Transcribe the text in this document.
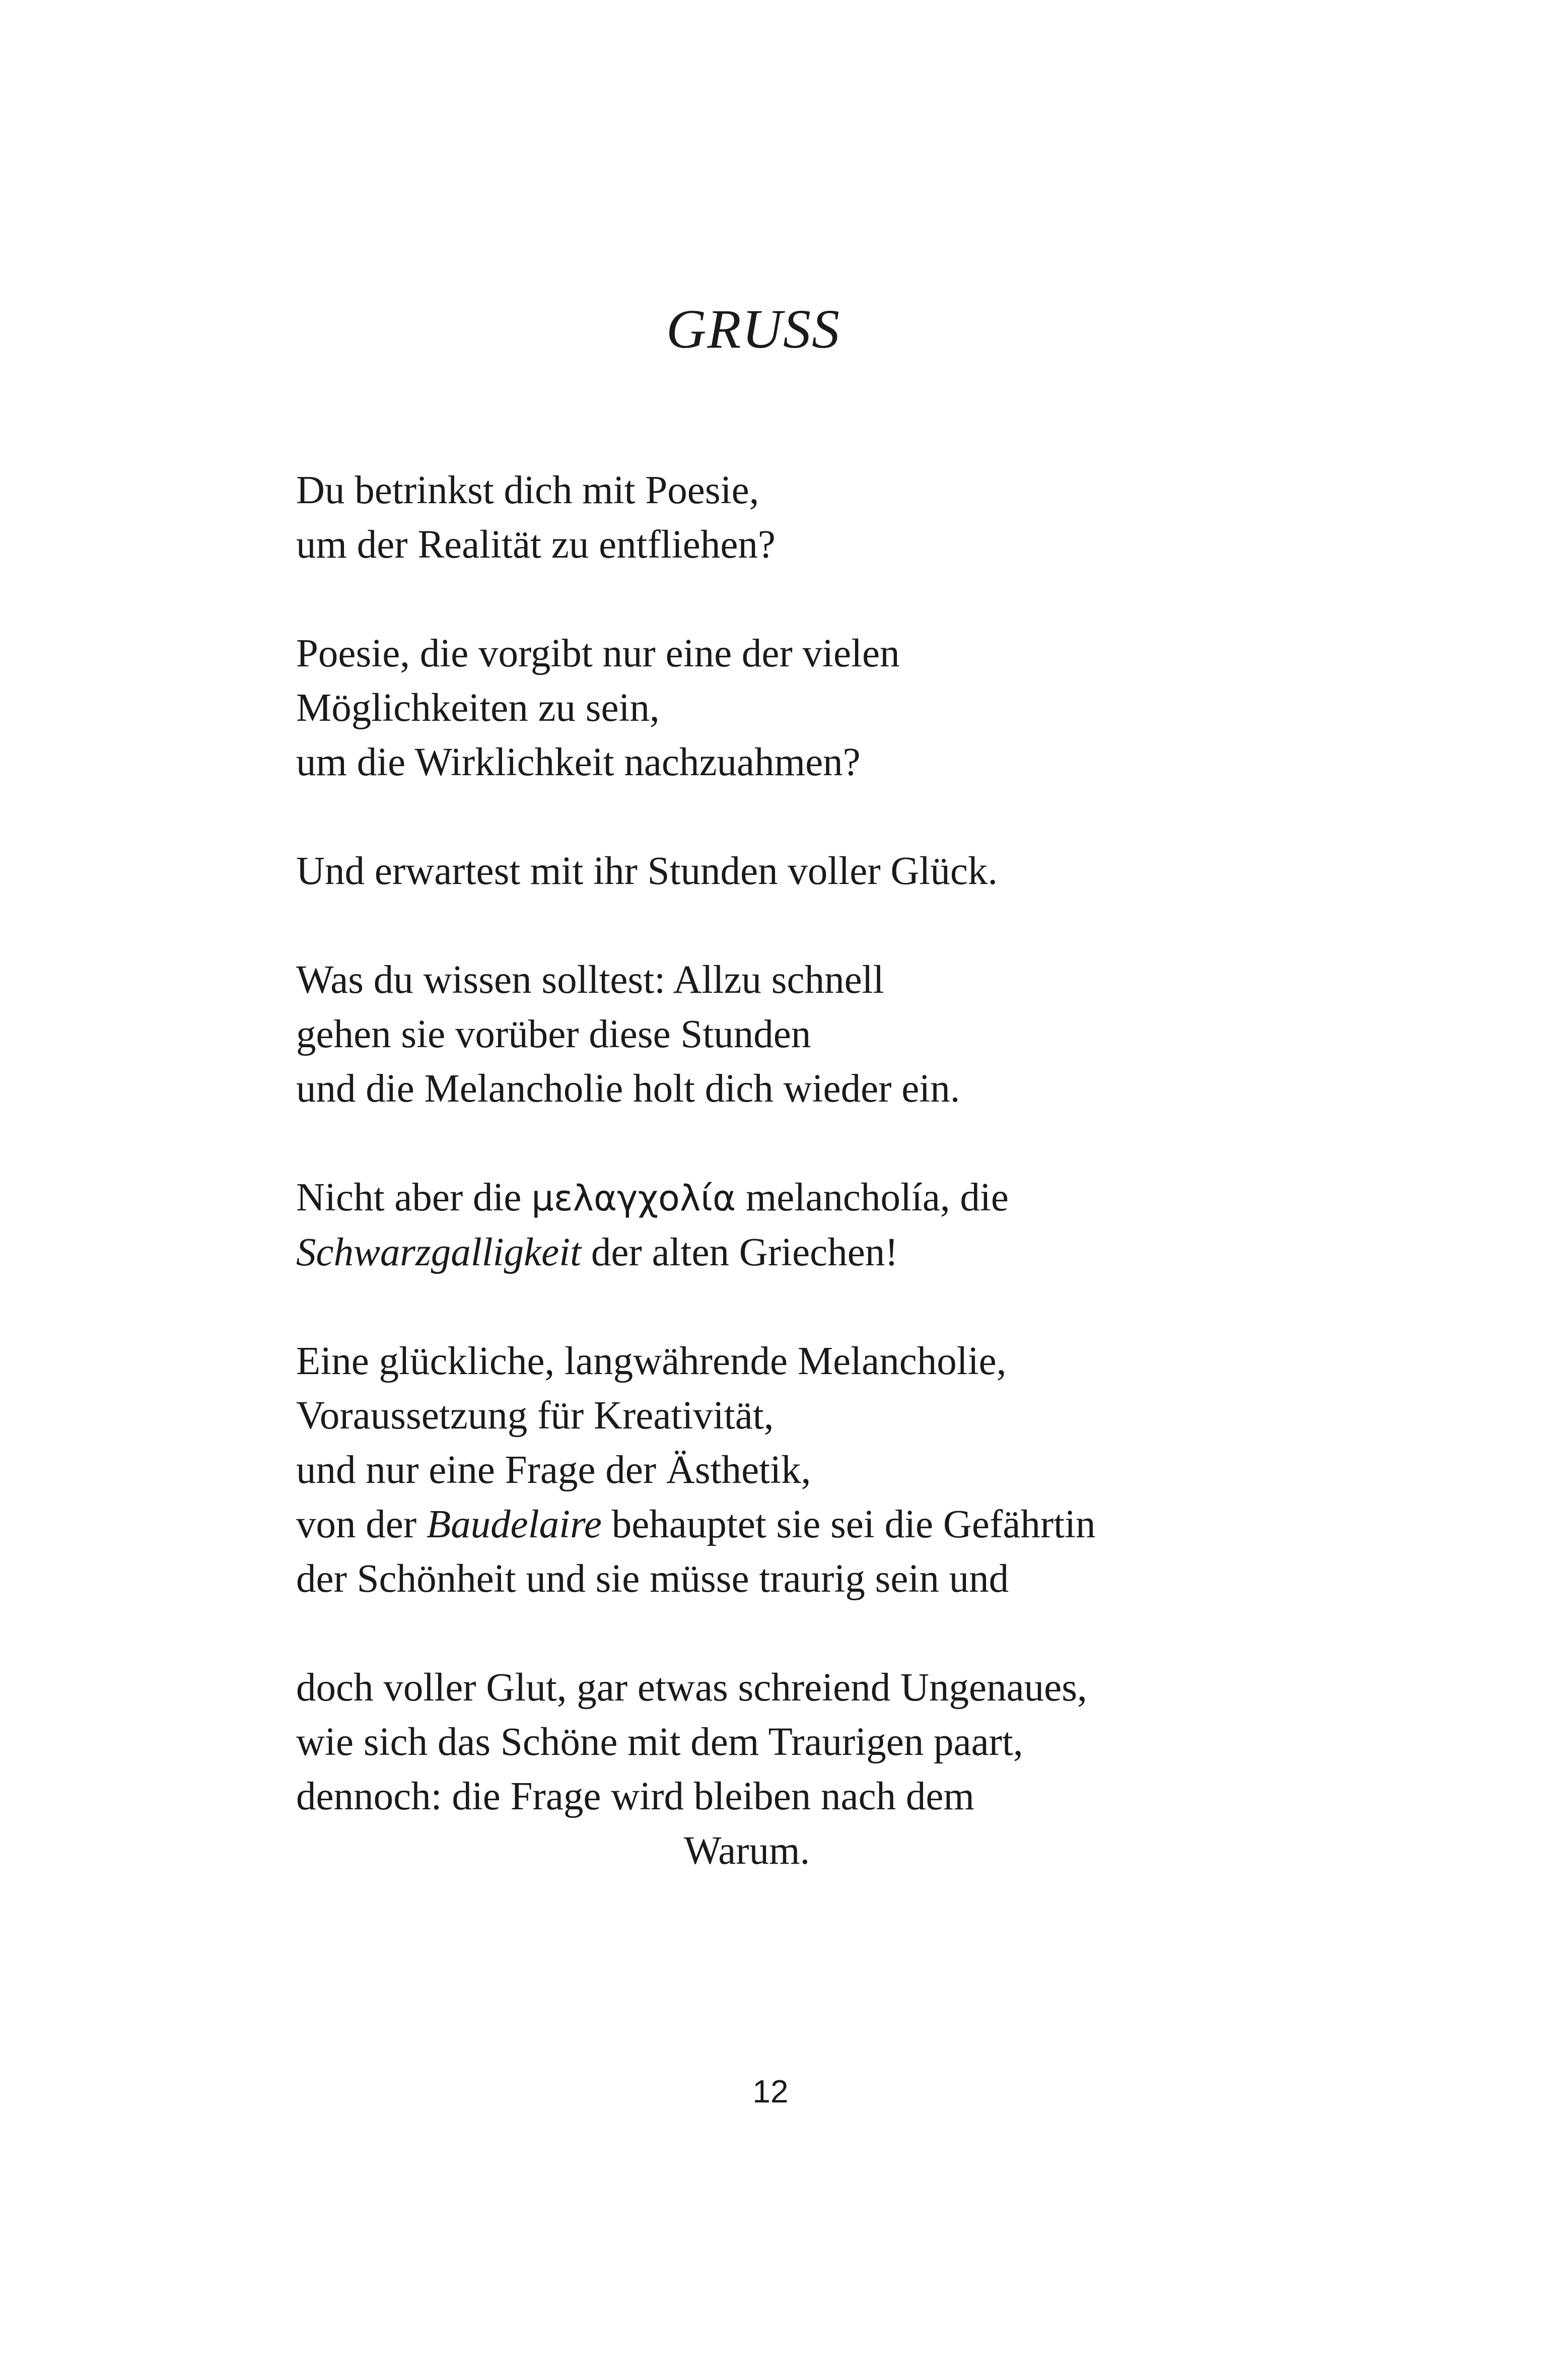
GRUSS
Du betrinkst dich mit Poesie,
um der Realität zu entfliehen?
Poesie, die vorgibt nur eine der vielen
Möglichkeiten zu sein,
um die Wirklichkeit nachzuahmen?
Und erwartest mit ihr Stunden voller Glück.
Was du wissen solltest: Allzu schnell
gehen sie vorüber diese Stunden
und die Melancholie holt dich wieder ein.
Nicht aber die μελαγχολία melancholía, die
Schwarzgalligkeit der alten Griechen!
Eine glückliche, langwährende Melancholie,
Voraussetzung für Kreativität,
und nur eine Frage der Ästhetik,
von der Baudelaire behauptet sie sei die Gefährtin
der Schönheit und sie müsse traurig sein und
doch voller Glut, gar etwas schreiend Ungenaues,
wie sich das Schöne mit dem Traurigen paart,
dennoch: die Frage wird bleiben nach dem
Warum.
12
